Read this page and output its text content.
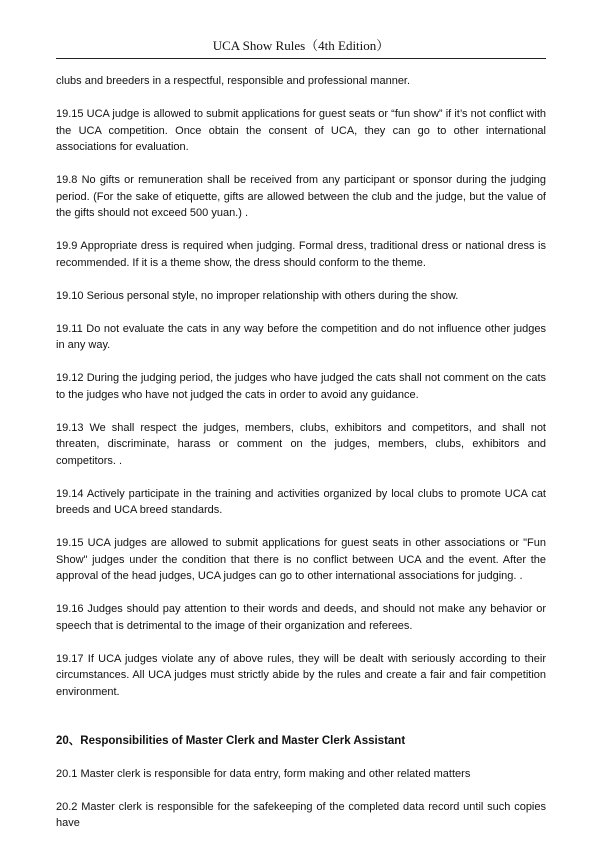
UCA Show Rules（4th Edition）

clubs and breeders in a respectful, responsible and professional manner.

19.15 UCA judge is allowed to submit applications for guest seats or “fun show” if it’s not conflict with the UCA competition. Once obtain the consent of UCA, they can go to other international associations for evaluation.

19.8 No gifts or remuneration shall be received from any participant or sponsor during the judging period. (For the sake of etiquette, gifts are allowed between the club and the judge, but the value of the gifts should not exceed 500 yuan.) .

19.9 Appropriate dress is required when judging. Formal dress, traditional dress or national dress is recommended. If it is a theme show, the dress should conform to the theme.

19.10 Serious personal style, no improper relationship with others during the show.

19.11 Do not evaluate the cats in any way before the competition and do not influence other judges in any way.

19.12 During the judging period, the judges who have judged the cats shall not comment on the cats to the judges who have not judged the cats in order to avoid any guidance.

19.13 We shall respect the judges, members, clubs, exhibitors and competitors, and shall not threaten, discriminate, harass or comment on the judges, members, clubs, exhibitors and competitors. .

19.14 Actively participate in the training and activities organized by local clubs to promote UCA cat breeds and UCA breed standards.

19.15 UCA judges are allowed to submit applications for guest seats in other associations or "Fun Show" judges under the condition that there is no conflict between UCA and the event. After the approval of the head judges, UCA judges can go to other international associations for judging. .

19.16 Judges should pay attention to their words and deeds, and should not make any behavior or speech that is detrimental to the image of their organization and referees.

19.17 If UCA judges violate any of above rules, they will be dealt with seriously according to their circumstances. All UCA judges must strictly abide by the rules and create a fair and fair competition environment.

20、Responsibilities of Master Clerk and Master Clerk Assistant

20.1 Master clerk is responsible for data entry, form making and other related matters

20.2 Master clerk is responsible for the safekeeping of the completed data record until such copies have
